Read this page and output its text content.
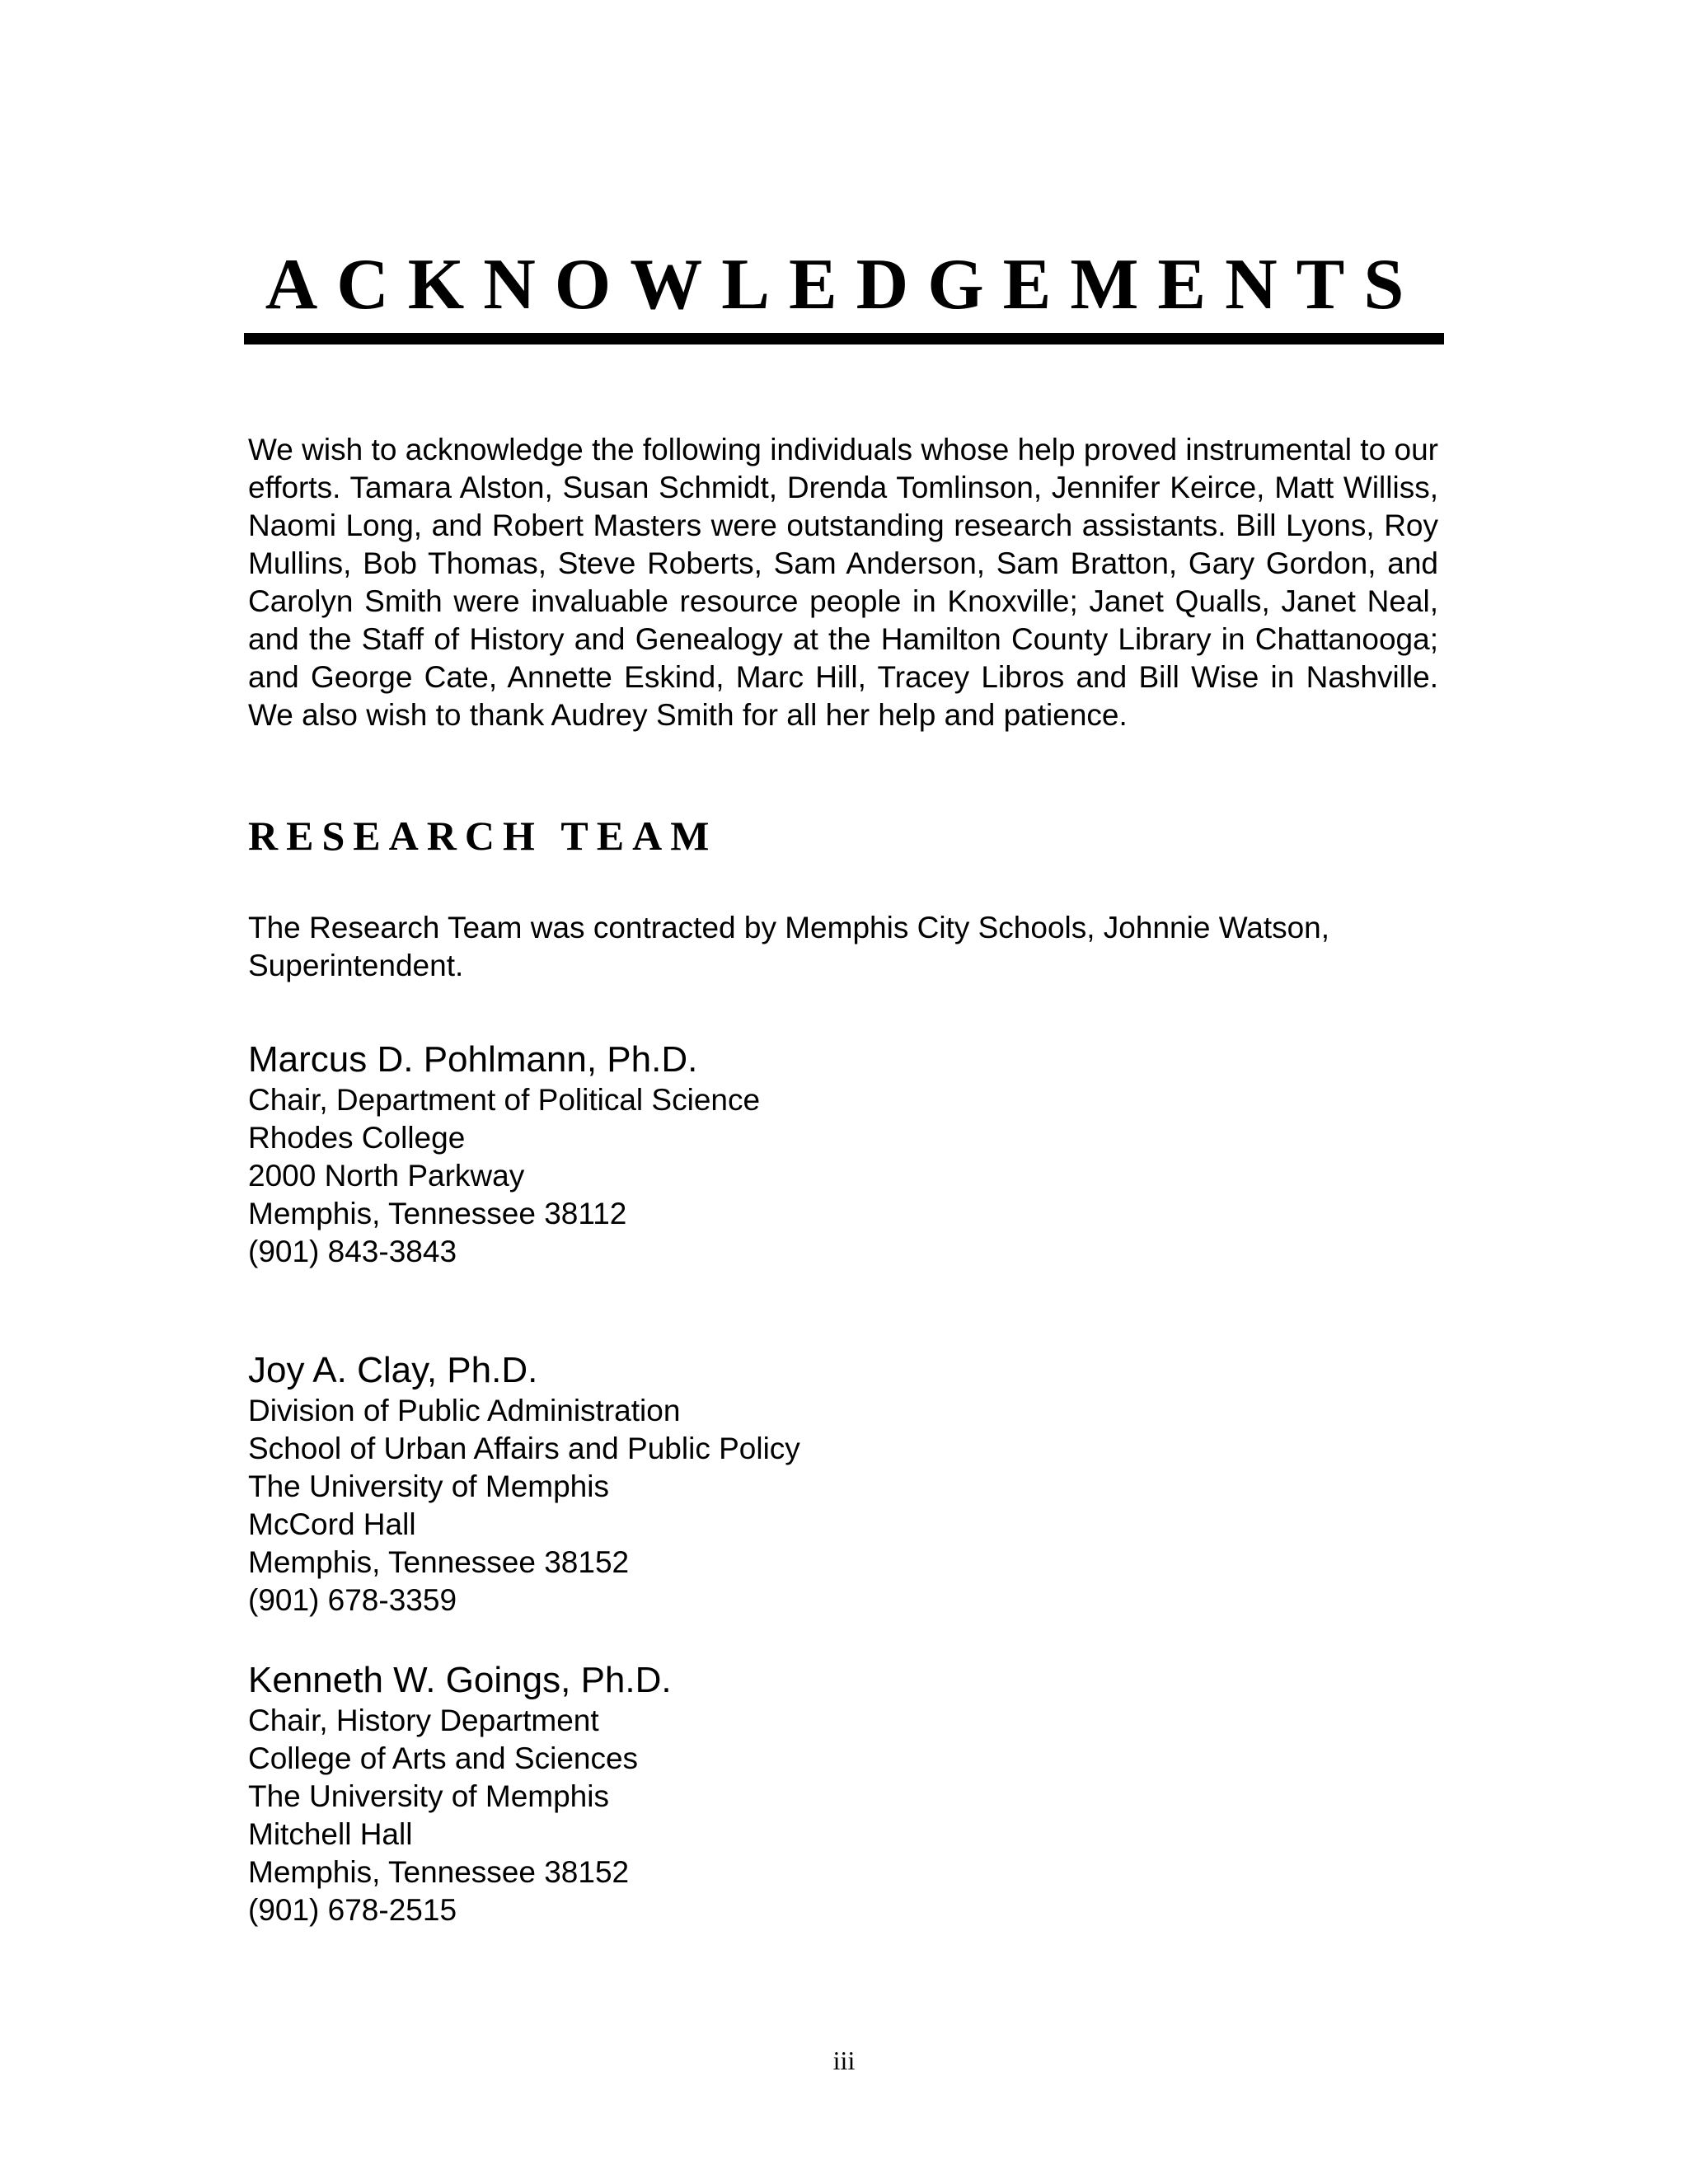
ACKNOWLEDGEMENTS

We wish to acknowledge the following individuals whose help proved instrumental to our efforts. Tamara Alston, Susan Schmidt, Drenda Tomlinson, Jennifer Keirce, Matt Williss, Naomi Long, and Robert Masters were outstanding research assistants. Bill Lyons, Roy Mullins, Bob Thomas, Steve Roberts, Sam Anderson, Sam Bratton, Gary Gordon, and Carolyn Smith were invaluable resource people in Knoxville; Janet Qualls, Janet Neal, and the Staff of History and Genealogy at the Hamilton County Library in Chattanooga; and George Cate, Annette Eskind, Marc Hill, Tracey Libros and Bill Wise in Nashville. We also wish to thank Audrey Smith for all her help and patience.

RESEARCH TEAM

The Research Team was contracted by Memphis City Schools, Johnnie Watson, Superintendent.

Marcus D. Pohlmann, Ph.D.
Chair, Department of Political Science
Rhodes College
2000 North Parkway
Memphis, Tennessee 38112
(901) 843-3843
Joy A. Clay, Ph.D.
Division of Public Administration
School of Urban Affairs and Public Policy
The University of Memphis
McCord Hall
Memphis, Tennessee 38152
(901) 678-3359
Kenneth W. Goings, Ph.D.
Chair, History Department
College of Arts and Sciences
The University of Memphis
Mitchell Hall
Memphis, Tennessee 38152
(901) 678-2515
iii
